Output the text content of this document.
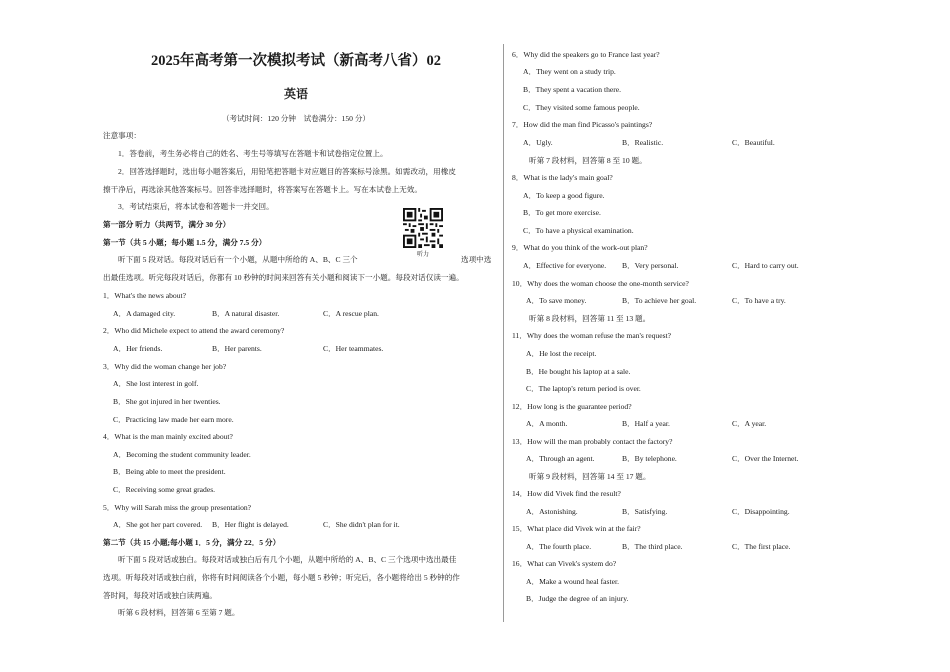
2025年高考第一次模拟考试（新高考八省）02
英语
（考试时间：120 分钟　试卷满分：150 分）
注意事项：
1．答卷前，考生务必将自己的姓名、考生号等填写在答题卡和试卷指定位置上。
2．回答选择题时，选出每小题答案后，用铅笔把答题卡对应题目的答案标号涂黑。如需改动，用橡皮
擦干净后，再选涂其他答案标号。回答非选择题时，将答案写在答题卡上。写在本试卷上无效。
3．考试结束后，将本试卷和答题卡一并交回。
第一部分 听力（共两节，满分 30 分）
听力
第一节（共 5 小题；每小题 1.5 分，满分 7.5 分）
听下面 5 段对话。每段对话后有一个小题，从题中所给的 A、B、C 三个	选项中选
出最佳选项。听完每段对话后，你都有 10 秒钟的时间来回答有关小题和阅读下一小题。每段对话仅读一遍。
1．What's the news about?
A．A damaged city.	B．A natural disaster.	C．A rescue plan.
2．Who did Michele expect to attend the award ceremony?
A．Her friends.	B．Her parents.	C．Her teammates.
3．Why did the woman change her job?
A．She lost interest in golf.
B．She got injured in her twenties.
C．Practicing law made her earn more.
4．What is the man mainly excited about?
A．Becoming the student community leader.
B．Being able to meet the president.
C．Receiving some great grades.
5．Why will Sarah miss the group presentation?
A．She got her part covered. B．Her flight is delayed.	C．She didn't plan for it.
第二节（共 15 小题;每小题 1．5 分，满分 22．5 分）
听下面 5 段对话或独白。每段对话或独白后有几个小题，从题中所给的 A、B、C 三个选项中选出最佳
选项。听每段对话或独白前，你将有时间阅读各个小题，每小题 5 秒钟；听完后，各小题将给出 5 秒钟的作
答时间，每段对话或独白读两遍。
听第 6 段材料，回答第 6 至第 7 题。
6．Why did the speakers go to France last year?
A．They went on a study trip.
B．They spent a vacation there.
C．They visited some famous people.
7．How did the man find Picasso's paintings?
A．Ugly.	B．Realistic.	C．Beautiful.
听第 7 段材料，回答第 8 至 10 题。
8．What is the lady's main goal?
A．To keep a good figure.
B．To get more exercise.
C．To have a physical examination.
9．What do you think of the work-out plan?
A．Effective for everyone. B．Very personal.	C．Hard to carry out.
10．Why does the woman choose the one-month service?
A．To save money.	B．To achieve her goal.	C．To have a try.
听第 8 段材料，回答第 11 至 13 题。
11．Why does the woman refuse the man's request?
A．He lost the receipt.
B．He bought his laptop at a sale.
C．The laptop's return period is over.
12．How long is the guarantee period?
A．A month.	B．Half a year.	C．A year.
13．How will the man probably contact the factory?
A．Through an agent.	B．By telephone.	C．Over the Internet.
听第 9 段材料，回答第 14 至 17 题。
14．How did Vivek find the result?
A．Astonishing.	B．Satisfying.	C．Disappointing.
15．What place did Vivek win at the fair?
A．The fourth place.	B．The third place.	C．The first place.
16．What can Vivek's system do?
A．Make a wound heal faster.
B．Judge the degree of an injury.
